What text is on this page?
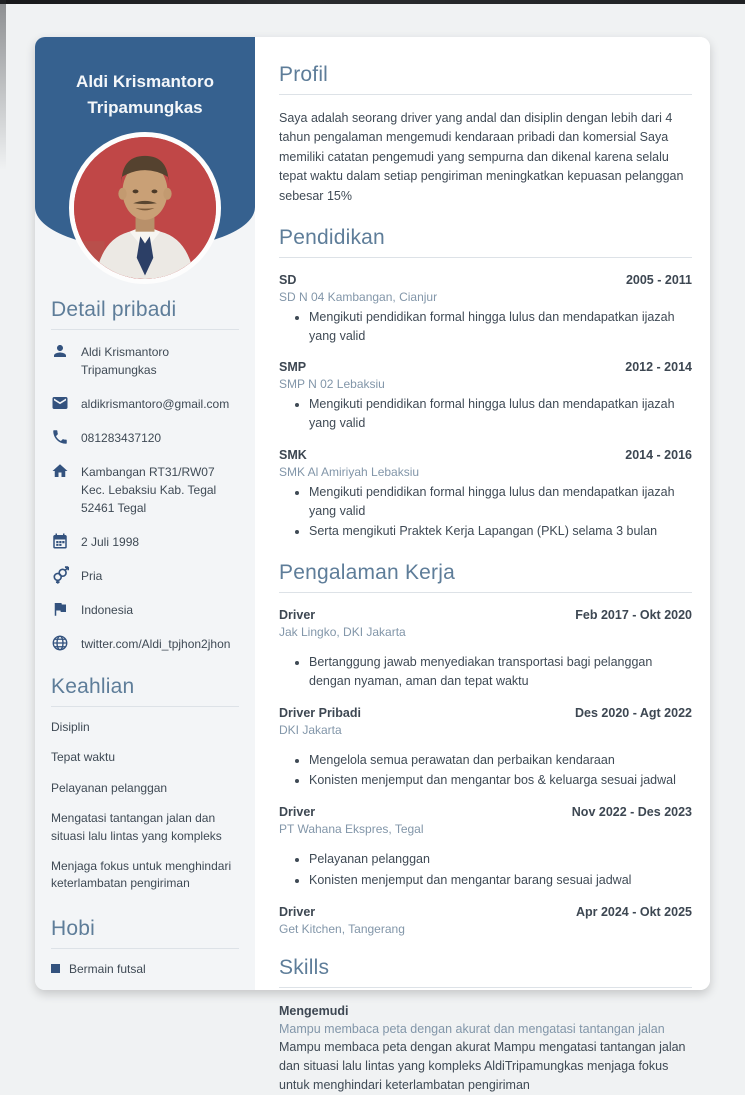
Aldi Krismantoro Tripamungkas
Detail pribadi
Aldi Krismantoro Tripamungkas
aldikrismantoro@gmail.com
081283437120
Kambangan RT31/RW07 Kec. Lebaksiu Kab. Tegal 52461 Tegal
2 Juli 1998
Pria
Indonesia
twitter.com/Aldi_tpjhon2jhon
Keahlian
Disiplin
Tepat waktu
Pelayanan pelanggan
Mengatasi tantangan jalan dan situasi lalu lintas yang kompleks
Menjaga fokus untuk menghindari keterlambatan pengiriman
Hobi
Bermain futsal
Profil

Saya adalah seorang driver yang andal dan disiplin dengan lebih dari 4 tahun pengalaman mengemudi kendaraan pribadi dan komersial Saya memiliki catatan pengemudi yang sempurna dan dikenal karena selalu tepat waktu dalam setiap pengiriman meningkatkan kepuasan pelanggan sebesar 15%

Pendidikan
SD	2005 - 2011
SD N 04 Kambangan, Cianjur
• Mengikuti pendidikan formal hingga lulus dan mendapatkan ijazah yang valid
SMP	2012 - 2014
SMP N 02 Lebaksiu
• Mengikuti pendidikan formal hingga lulus dan mendapatkan ijazah yang valid
SMK	2014 - 2016
SMK Al Amiriyah Lebaksiu
• Mengikuti pendidikan formal hingga lulus dan mendapatkan ijazah yang valid
• Serta mengikuti Praktek Kerja Lapangan (PKL) selama 3 bulan
Pengalaman Kerja
Driver	Feb 2017 - Okt 2020
Jak Lingko, DKI Jakarta
• Bertanggung jawab menyediakan transportasi bagi pelanggan dengan nyaman, aman dan tepat waktu
Driver Pribadi	Des 2020 - Agt 2022
DKI Jakarta
• Mengelola semua perawatan dan perbaikan kendaraan
• Konisten menjemput dan mengantar bos & keluarga sesuai jadwal
Driver	Nov 2022 - Des 2023
PT Wahana Ekspres, Tegal
• Pelayanan pelanggan
• Konisten menjemput dan mengantar barang sesuai jadwal
Driver	Apr 2024 - Okt 2025
Get Kitchen, Tangerang
Skills
Mengemudi
Mampu membaca peta dengan akurat dan mengatasi tantangan jalan
Mampu membaca peta dengan akurat Mampu mengatasi tantangan jalan dan situasi lalu lintas yang kompleks AldiTripamungkas menjaga fokus untuk menghindari keterlambatan pengiriman
